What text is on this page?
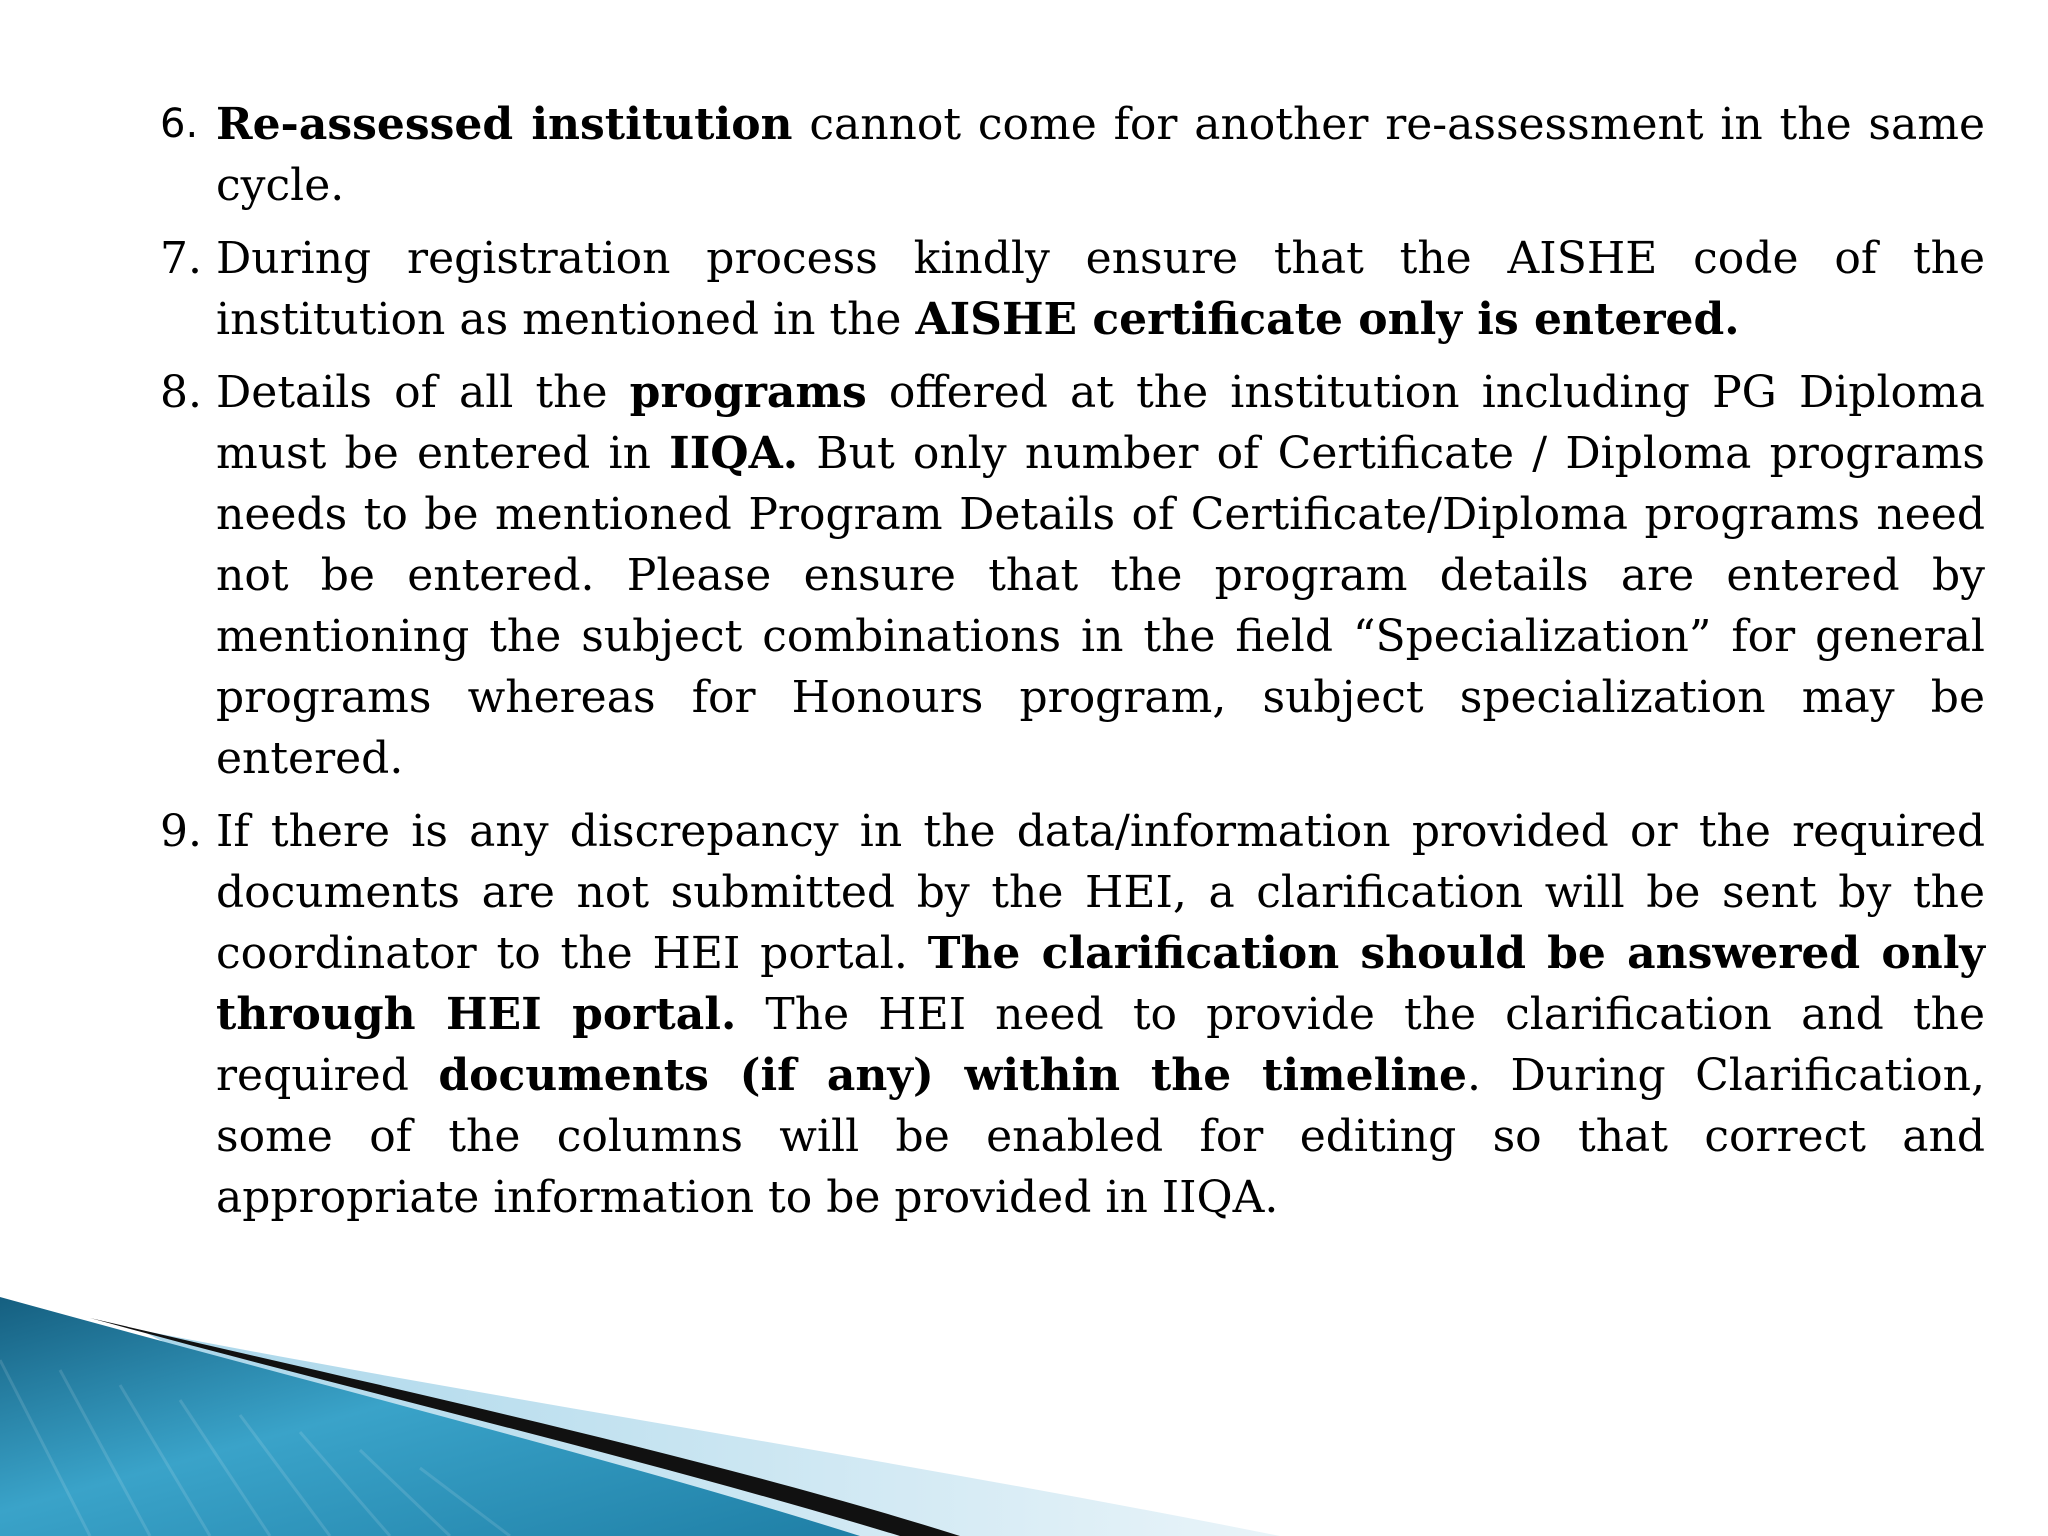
6. Re-assessed institution cannot come for another re-assessment in the same cycle.
7. During registration process kindly ensure that the AISHE code of the institution as mentioned in the AISHE certificate only is entered.
8. Details of all the programs offered at the institution including PG Diploma must be entered in IIQA. But only number of Certificate / Diploma programs needs to be mentioned Program Details of Certificate/Diploma programs need not be entered. Please ensure that the program details are entered by mentioning the subject combinations in the field “Specialization” for general programs whereas for Honours program, subject specialization may be entered.
9. If there is any discrepancy in the data/information provided or the required documents are not submitted by the HEI, a clarification will be sent by the coordinator to the HEI portal. The clarification should be answered only through HEI portal. The HEI need to provide the clarification and the required documents (if any) within the timeline. During Clarification, some of the columns will be enabled for editing so that correct and appropriate information to be provided in IIQA.
